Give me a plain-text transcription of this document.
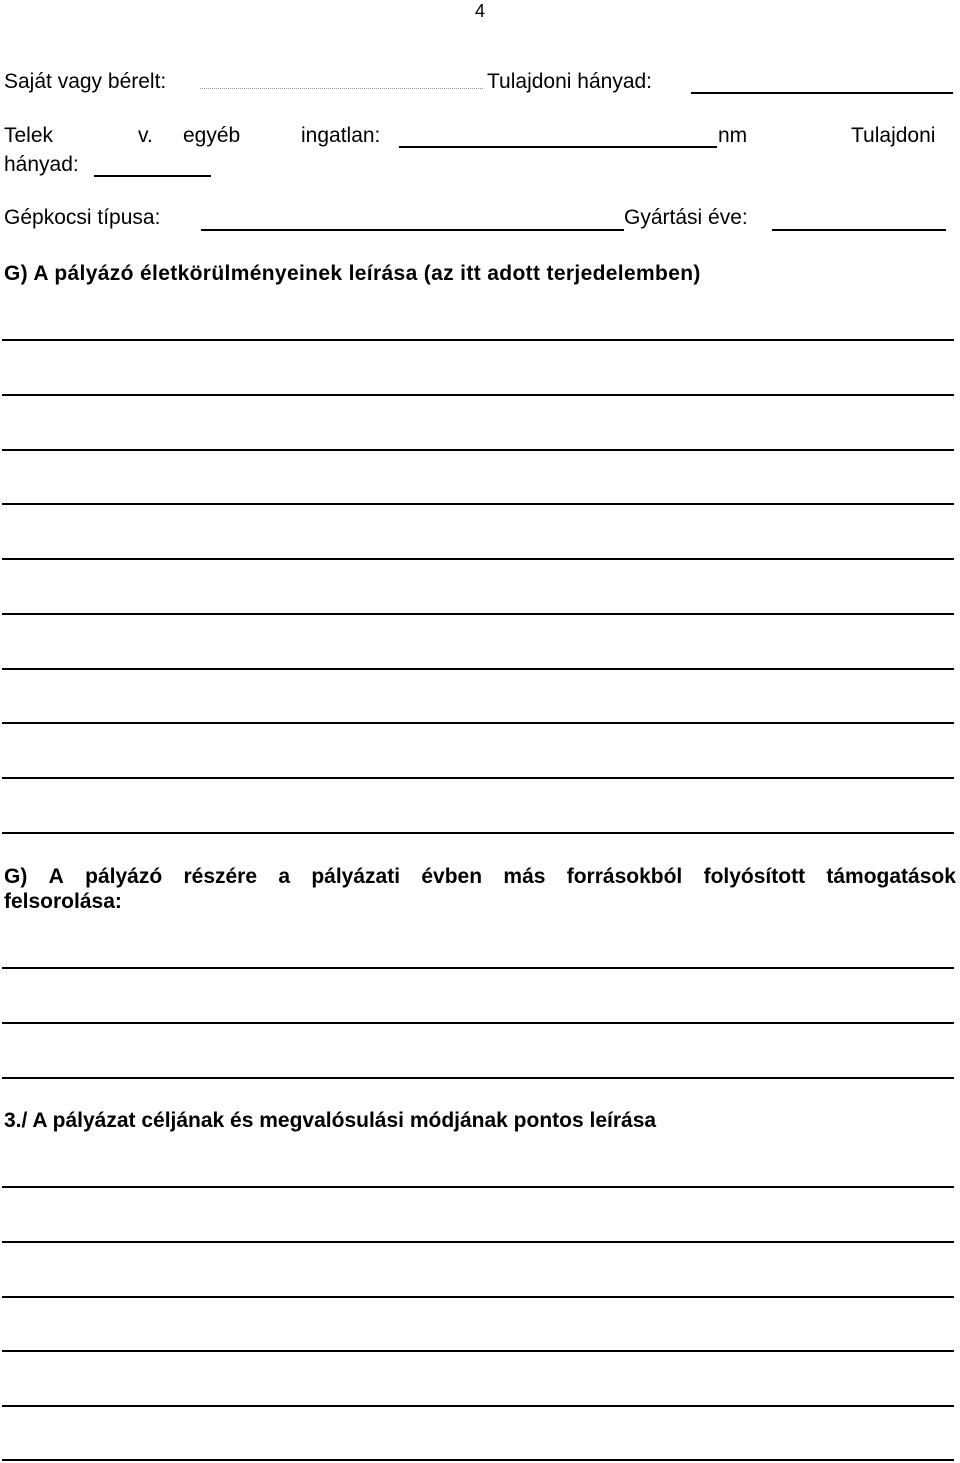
4
Saját vagy bérelt:	Tulajdoni hányad:
Telek	v. egyéb	ingatlan:	nm	Tulajdoni
hányad:
Gépkocsi típusa:	Gyártási éve:
G) A pályázó életkörülményeinek leírása (az itt adott terjedelemben)
G) A pályázó részére a pályázati évben más forrásokból folyósított támogatások
felsorolása:
3./ A pályázat céljának és megvalósulási módjának pontos leírása
